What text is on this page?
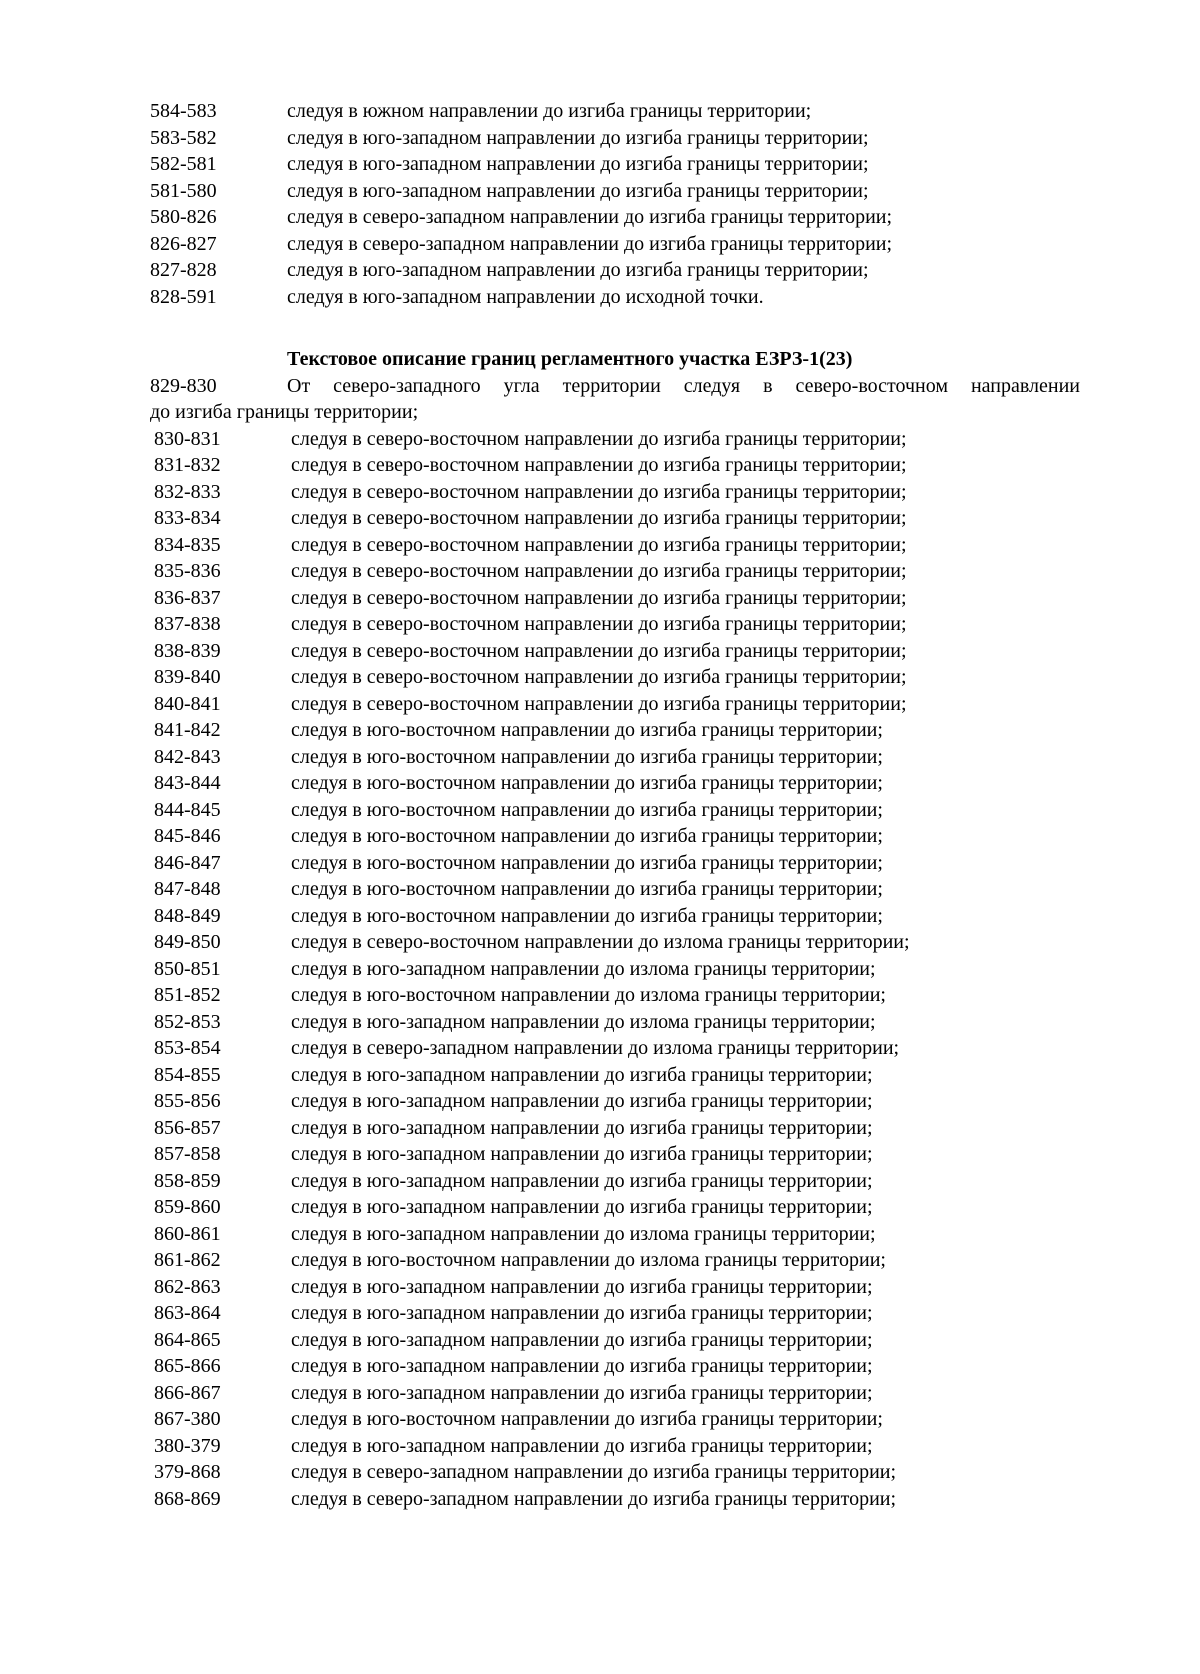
584-583	следуя в южном направлении до изгиба границы территории;
583-582	следуя в юго-западном направлении до изгиба границы территории;
582-581	следуя в юго-западном направлении до изгиба границы территории;
581-580	следуя в юго-западном направлении до изгиба границы территории;
580-826	следуя в северо-западном направлении до изгиба границы территории;
826-827	следуя в северо-западном направлении до изгиба границы территории;
827-828	следуя в юго-западном направлении до изгиба границы территории;
828-591	следуя в юго-западном направлении до исходной точки.
Текстовое описание границ регламентного участка ЕЗРЗ-1(23)
829-830	От северо-западного угла территории следуя в северо-восточном направлении
до изгиба границы территории;
830-831	следуя в северо-восточном направлении до изгиба границы территории;
831-832	следуя в северо-восточном направлении до изгиба границы территории;
832-833	следуя в северо-восточном направлении до изгиба границы территории;
833-834	следуя в северо-восточном направлении до изгиба границы территории;
834-835	следуя в северо-восточном направлении до изгиба границы территории;
835-836	следуя в северо-восточном направлении до изгиба границы территории;
836-837	следуя в северо-восточном направлении до изгиба границы территории;
837-838	следуя в северо-восточном направлении до изгиба границы территории;
838-839	следуя в северо-восточном направлении до изгиба границы территории;
839-840	следуя в северо-восточном направлении до изгиба границы территории;
840-841	следуя в северо-восточном направлении до изгиба границы территории;
841-842	следуя в юго-восточном направлении до изгиба границы территории;
842-843	следуя в юго-восточном направлении до изгиба границы территории;
843-844	следуя в юго-восточном направлении до изгиба границы территории;
844-845	следуя в юго-восточном направлении до изгиба границы территории;
845-846	следуя в юго-восточном направлении до изгиба границы территории;
846-847	следуя в юго-восточном направлении до изгиба границы территории;
847-848	следуя в юго-восточном направлении до изгиба границы территории;
848-849	следуя в юго-восточном направлении до изгиба границы территории;
849-850	следуя в северо-восточном направлении до излома границы территории;
850-851	следуя в юго-западном направлении до излома границы территории;
851-852	следуя в юго-восточном направлении до излома границы территории;
852-853	следуя в юго-западном направлении до излома границы территории;
853-854	следуя в северо-западном направлении до излома границы территории;
854-855	следуя в юго-западном направлении до изгиба границы территории;
855-856	следуя в юго-западном направлении до изгиба границы территории;
856-857	следуя в юго-западном направлении до изгиба границы территории;
857-858	следуя в юго-западном направлении до изгиба границы территории;
858-859	следуя в юго-западном направлении до изгиба границы территории;
859-860	следуя в юго-западном направлении до изгиба границы территории;
860-861	следуя в юго-западном направлении до излома границы территории;
861-862	следуя в юго-восточном направлении до излома границы территории;
862-863	следуя в юго-западном направлении до изгиба границы территории;
863-864	следуя в юго-западном направлении до изгиба границы территории;
864-865	следуя в юго-западном направлении до изгиба границы территории;
865-866	следуя в юго-западном направлении до изгиба границы территории;
866-867	следуя в юго-западном направлении до изгиба границы территории;
867-380	следуя в юго-восточном направлении до изгиба границы территории;
380-379	следуя в юго-западном направлении до изгиба границы территории;
379-868	следуя в северо-западном направлении до изгиба границы территории;
868-869	следуя в северо-западном направлении до изгиба границы территории;
